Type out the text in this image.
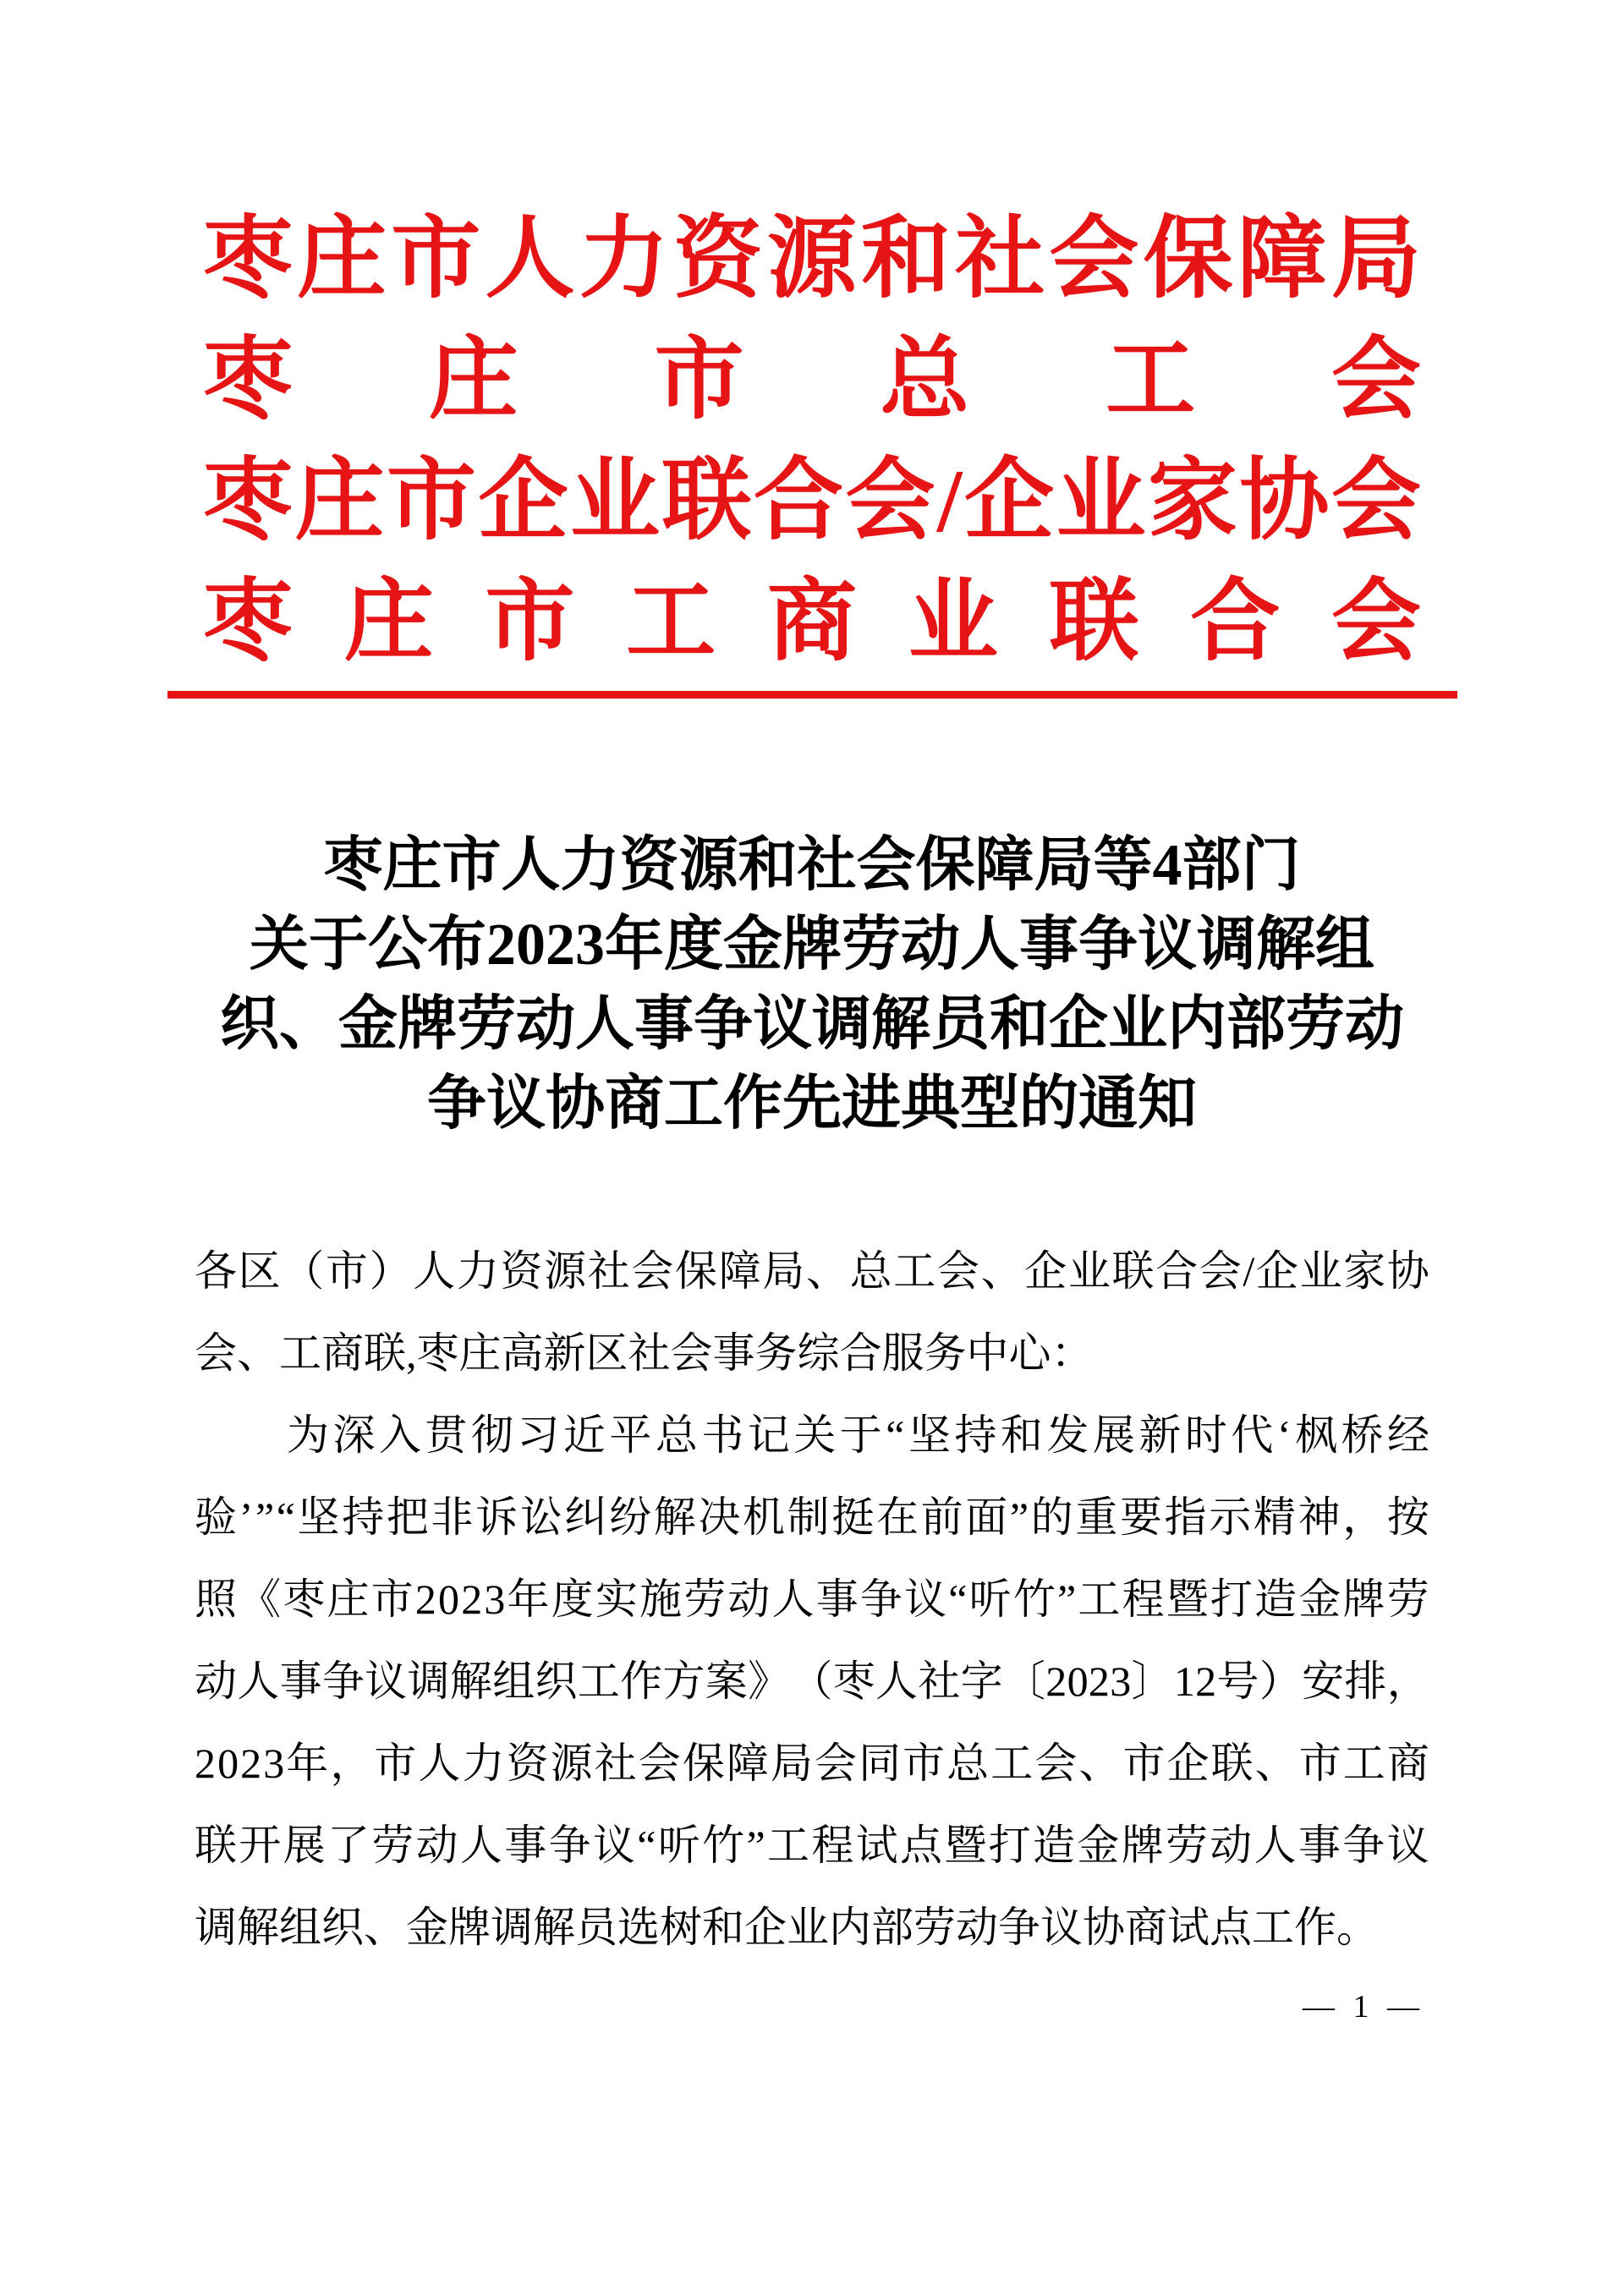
枣 庄 市 人 力 资 源 和 社 会 保 障 局
枣 庄 市 总 工 会
枣 庄 市 企 业 联 合 会 / 企 业 家 协 会
枣 庄 市 工 商 业 联 合 会
枣庄市人力资源和社会保障局等4部门
关于公布2023年度金牌劳动人事争议调解组
织、金牌劳动人事争议调解员和企业内部劳动
争议协商工作先进典型的通知
各 区 （ 市 ） 人 力 资 源 社 会 保 障 局 、 总 工 会 、 企 业 联 合 会 / 企 业 家 协
会、工商联,枣庄高新区社会事务综合服务中心：

为 深 入 贯 彻 习 近 平 总 书 记 关 于 “ 坚 持 和 发 展 新 时 代 ‘ 枫 桥 经
验 ’ ” “ 坚 持 把 非 诉 讼 纠 纷 解 决 机 制 挺 在 前 面 ” 的 重 要 指 示 精 神 ， 按
照 《 枣 庄 市 2 0 2 3 年 度 实 施 劳 动 人 事 争 议 “ 听 竹 ” 工 程 暨 打 造 金 牌 劳
动 人 事 争 议 调 解 组 织 工 作 方 案 》 （ 枣 人 社 字 〔 2 0 2 3 〕 1 2 号 ） 安 排 ，
2 0 2 3 年 ， 市 人 力 资 源 社 会 保 障 局 会 同 市 总 工 会 、 市 企 联 、 市 工 商
联 开 展 了 劳 动 人 事 争 议 “ 听 竹 ” 工 程 试 点 暨 打 造 金 牌 劳 动 人 事 争 议
调解组织、金牌调解员选树和企业内部劳动争议协商试点工作。
— 1 —
